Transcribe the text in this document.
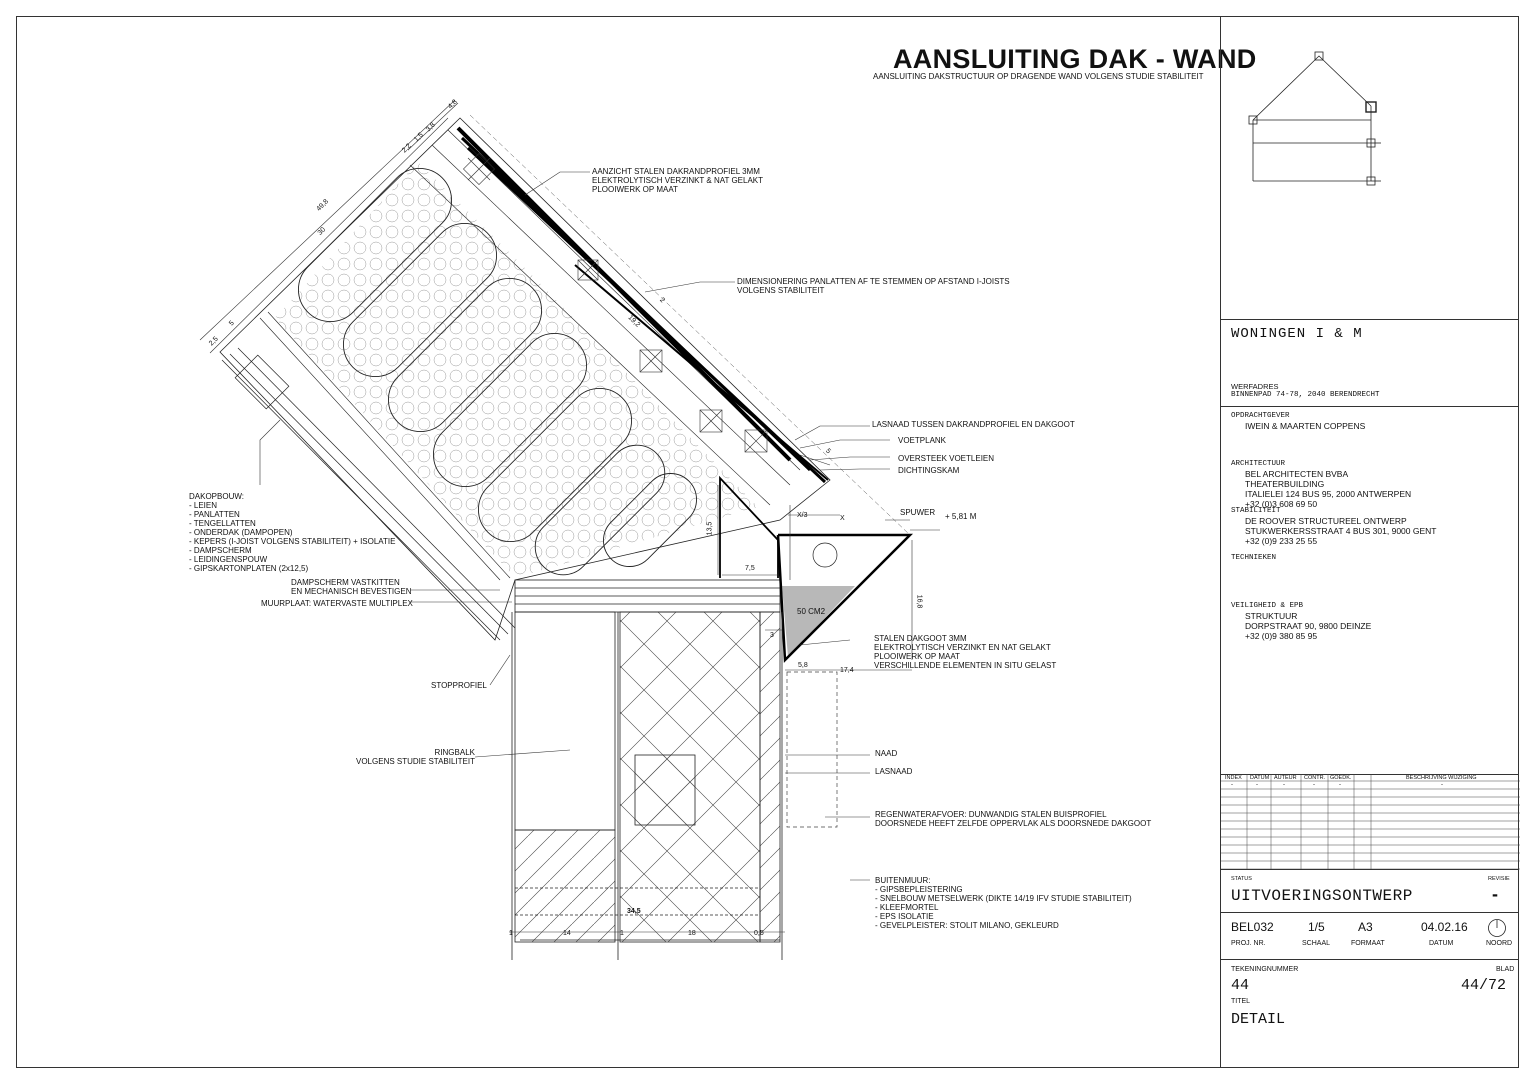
AANSLUITING DAK - WAND
AANSLUITING DAKSTRUCTUUR OP DRAGENDE WAND VOLGENS STUDIE STABILITEIT
AANZICHT STALEN DAKRANDPROFIEL 3MM
ELEKTROLYTISCH VERZINKT & NAT GELAKT
PLOOIWERK OP MAAT
DIMENSIONERING PANLATTEN AF TE STEMMEN OP AFSTAND I-JOISTS
VOLGENS STABILITEIT
LASNAAD TUSSEN DAKRANDPROFIEL EN DAKGOOT
VOETPLANK
OVERSTEEK VOETLEIEN
DICHTINGSKAM
SPUWER + 5,81 M
DAKOPBOUW:
- LEIEN
- PANLATTEN
- TENGELLATTEN
- ONDERDAK (DAMPOPEN)
- KEPERS (I-JOIST VOLGENS STABILITEIT) + ISOLATIE
- DAMPSCHERM
- LEIDINGENSPOUW
- GIPSKARTONPLATEN (2x12,5)
DAMPSCHERM VASTKITTEN
EN MECHANISCH BEVESTIGEN
MUURPLAAT: WATERVASTE MULTIPLEX
STALEN DAKGOOT 3MM
ELEKTROLYTISCH VERZINKT EN NAT GELAKT
PLOOIWERK OP MAAT
VERSCHILLENDE ELEMENTEN IN SITU GELAST
STOPPROFIEL
RINGBALK
VOLGENS STUDIE STABILITEIT
NAAD
LASNAAD
REGENWATERAFVOER: DUNWANDIG STALEN BUISPROFIEL
DOORSNEDE HEEFT ZELFDE OPPERVLAK ALS DOORSNEDE DAKGOOT
BUITENMUUR:
- GIPSBEPLEISTERING
- SNELBOUW METSELWERK (DIKTE 14/19 IFV STUDIE STABILITEIT)
- KLEEFMORTEL
- EPS ISOLATIE
- GEVELPLEISTER: STOLIT MILANO, GEKLEURD
50 CM2
49,8
30
2,5
5
2,2
1,5
3,8
4,8
2
19,2
5
X/3	X
13,5
7,5
16,8
3
5,8
17,4
34,5
1	14	1	18	0,5
WONINGEN I & M
WERFADRES
BINNENPAD 74-78, 2040 BERENDRECHT
OPDRACHTGEVER
IWEIN & MAARTEN COPPENS
ARCHITECTUUR
BEL ARCHITECTEN BVBA
THEATERBUILDING
ITALIELEI 124 BUS 95, 2000 ANTWERPEN
+32 (0)3 608 69 50
STABILITEIT
DE ROOVER STRUCTUREEL ONTWERP
STUKWERKERSSTRAAT 4 BUS 301, 9000 GENT
+32 (0)9 233 25 55
TECHNIEKEN
VEILIGHEID & EPB
STRUKTUUR
DORPSTRAAT 90, 9800 DEINZE
+32 (0)9 380 85 95
INDEX DATUM AUTEUR CONTR. GOEDK.	BESCHRIJVING WIJZIGING
-	-	-	-	-	-
STATUS	REVISIE
UITVOERINGSONTWERP	-
BEL032	1/5	A3	04.02.16
PROJ. NR.	SCHAAL	FORMAAT	DATUM	NOORD
TEKENINGNUMMER	BLAD
44	44/72
TITEL
DETAIL
